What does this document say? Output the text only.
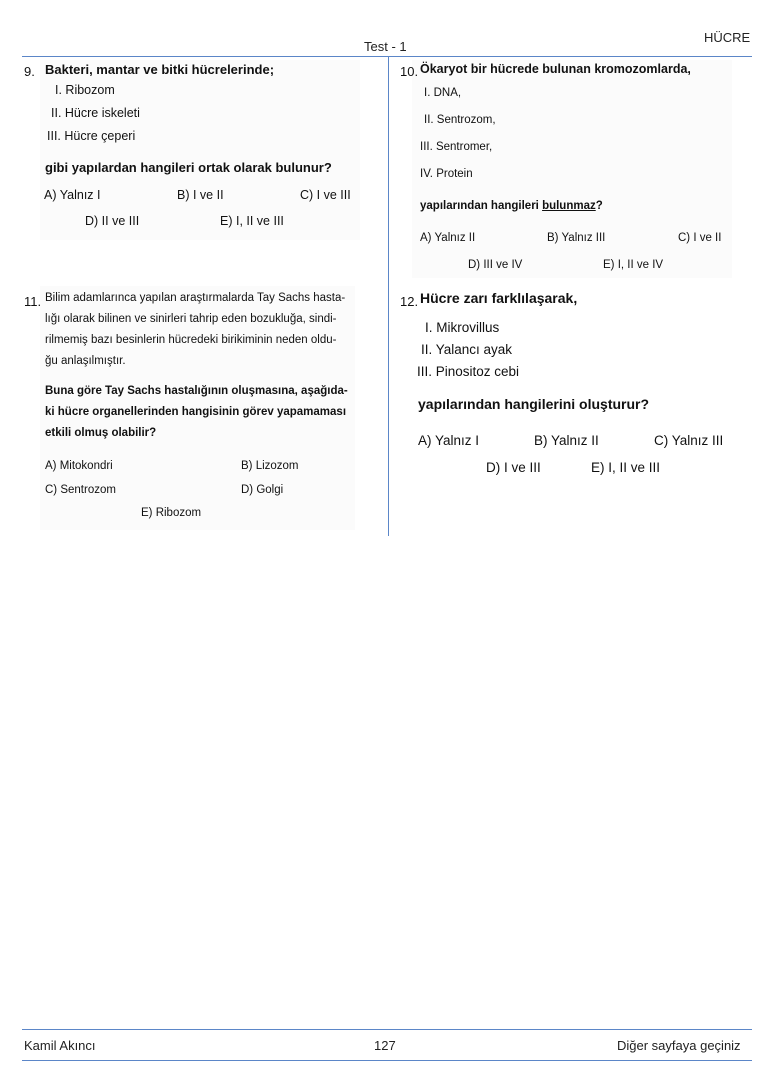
Test - 1
HÜCRE
9. Bakteri, mantar ve bitki hücrelerinde;
I. Ribozom
II. Hücre iskeleti
III. Hücre çeperi
gibi yapılardan hangileri ortak olarak bulunur?
A) Yalnız I	B) I ve II	C) I ve III
D) II ve III	E) I, II ve III
10. Ökaryot bir hücrede bulunan kromozomlarda,
I. DNA,
II. Sentrozom,
III. Sentromer,
IV. Protein
yapılarından hangileri bulunmaz?
A) Yalnız II	B) Yalnız III	C) I ve II
D) III ve IV	E) I, II ve IV
11. Bilim adamlarınca yapılan araştırmalarda Tay Sachs hasta-
lığı olarak bilinen ve sinirleri tahrip eden bozukluğa, sindi-
rilmemiş bazı besinlerin hücredeki birikiminin neden oldu-
ğu anlaşılmıştır.
Buna göre Tay Sachs hastalığının oluşmasına, aşağıda-
ki hücre organellerinden hangisinin görev yapamaması
etkili olmuş olabilir?
A) Mitokondri	B) Lizozom
C) Sentrozom	D) Golgi
E) Ribozom
12. Hücre zarı farklılaşarak,
I. Mikrovillus
II. Yalancı ayak
III. Pinositoz cebi
yapılarından hangilerini oluşturur?
A) Yalnız I	B) Yalnız II	C) Yalnız III
D) I ve III	E) I, II ve III
Kamil Akıncı	127	Diğer sayfaya geçiniz
